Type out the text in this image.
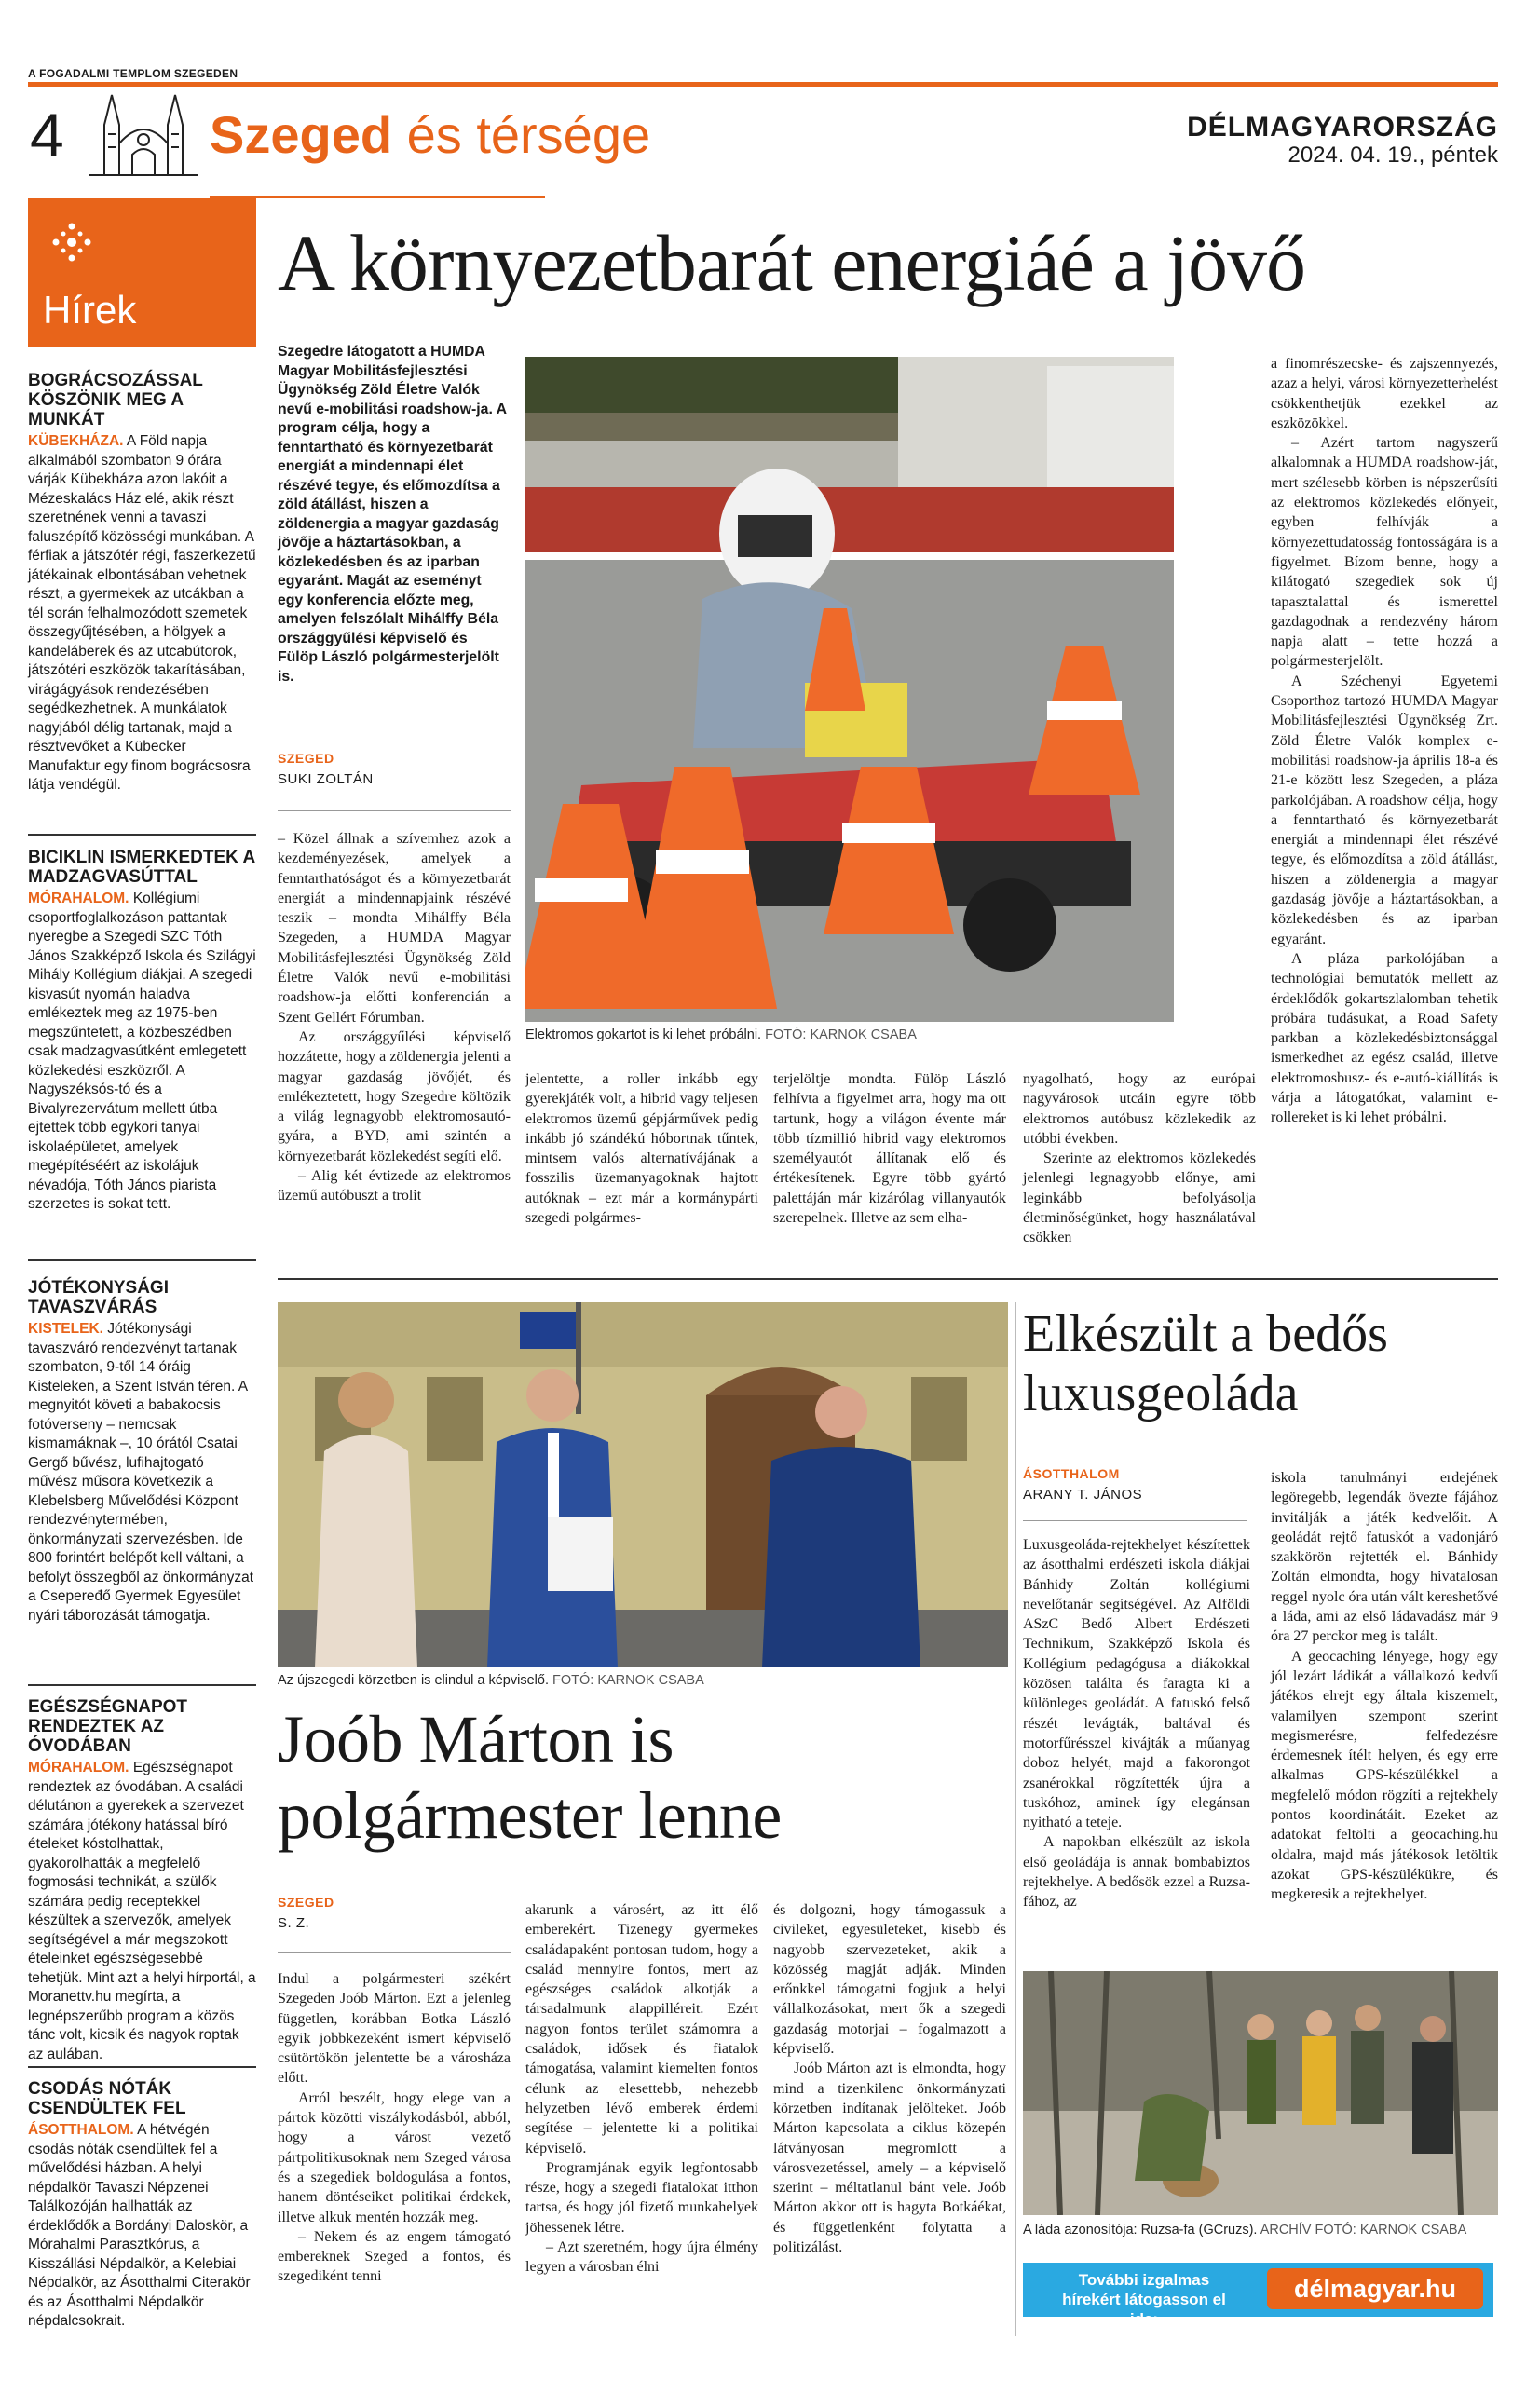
A FOGADALMI TEMPLOM SZEGEDEN
4	Szeged és térsége	DÉLMAGYARORSZÁG
2024. 04. 19., péntek
Hírek
BOGRÁCSOZÁSSAL KÖSZÖNIK MEG A MUNKÁT

KÜBEKHÁZA. A Föld napja alkalmából szombaton 9 órára várják Kübekháza azon lakóit a Mézeskalács Ház elé, akik részt szeretnének venni a tavaszi faluszépítő közösségi munkában. A férfiak a játszótér régi, faszerkezetű játékainak elbontásában vehetnek részt, a gyermekek az utcákban a tél során felhalmozódott szemetek összegyűjtésében, a hölgyek a kandeláberek és az utcabútorok, játszótéri eszközök takarításában, virágágyások rendezésében segédkezhetnek. A munkálatok nagyjából délig tartanak, majd a résztvevőket a Kübecker Manufaktur egy finom bográcsosra látja vendégül.

BICIKLIN ISMERKEDTEK A MADZAGVASÚTTAL

MÓRAHALOM. Kollégiumi csoportfoglalkozáson pattantak nyeregbe a Szegedi SZC Tóth János Szakképző Iskola és Szilágyi Mihály Kollégium diákjai. A szegedi kisvasút nyomán haladva emlékeztek meg az 1975-ben megszűntetett, a közbeszédben csak madzagvasútként emlegetett közlekedési eszközről. A Nagyszéksós-tó és a Bivalyrezervátum mellett útba ejtettek több egykori tanyai iskolaépületet, amelyek megépítéséért az iskolájuk névadója, Tóth János piarista szerzetes is sokat tett.

JÓTÉKONYSÁGI TAVASZVÁRÁS

KISTELEK. Jótékonysági tavaszváró rendezvényt tartanak szombaton, 9-től 14 óráig Kisteleken, a Szent István téren. A megnyitót követi a babakocsis fotóverseny – nemcsak kismamáknak –, 10 órától Csatai Gergő bűvész, lufihajtogató művész műsora következik a Klebelsberg Művelődési Központ rendezvénytermében, önkormányzati szervezésben. Ide 800 forintért belépőt kell váltani, a befolyt összegből az önkormányzat a Csepeređő Gyermek Egyesület nyári táborozását támogatja.

EGÉSZSÉGNAPOT RENDEZTEK AZ ÓVODÁBAN

MÓRAHALOM. Egészségnapot rendeztek az óvodában. A családi délutánon a gyerekek a szervezet számára jótékony hatással bíró ételeket kóstolhattak, gyakorolhatták a megfelelő fogmosási technikát, a szülők számára pedig receptekkel készültek a szervezők, amelyek segítségével a már megszokott ételeinket egészségesebbé tehetjük. Mint azt a helyi hírportál, a Moranettv.hu megírta, a legnépszerűbb program a közös tánc volt, kicsik és nagyok roptak az aulában.

CSODÁS NÓTÁK CSENDÜLTEK FEL

ÁSOTTHALOM. A hétvégén csodás nóták csendültek fel a művelődési házban. A helyi népdalkör Tavaszi Népzenei Találkozóján hallhatták az érdeklődők a Bordányi Daloskör, a Mórahalmi Parasztkórus, a Kisszállási Népdalkör, a Kelebiai Népdalkör, az Ásotthalmi Citerakör és az Ásotthalmi Népdalkör népdalcsokrait.

A környezetbarát energiáé a jövő
Szegedre látogatott a HUMDA Magyar Mobilitásfejlesztési Ügynökség Zöld Életre Valók nevű e-mobilitási roadshow-ja. A program célja, hogy a fenntartható és környezetbarát energiát a mindennapi élet részévé tegye, és előmozdítsa a zöld átállást, hiszen a zöldenergia a magyar gazdaság jövője a háztartásokban, a közlekedésben és az iparban egyaránt. Magát az eseményt egy konferencia előzte meg, amelyen felszólalt Mihálffy Béla országgyűlési képviselő és Fülöp László polgármesterjelölt is.
SZEGED
SUKI ZOLTÁN
Elektromos gokartot is ki lehet próbálni. FOTÓ: KARNOK CSABA

– Közel állnak a szívemhez azok a kezdeményezések, amelyek a fenntarthatóságot és a környezetbarát energiát a mindennapjaink részévé teszik – mondta Mihálffy Béla Szegeden, a HUMDA Magyar Mobilitásfejlesztési Ügynökség Zöld Életre Valók nevű e-mobilitási roadshow-ja előtti konferencián a Szent Gellért Fórumban.

Az országgyűlési képviselő hozzátette, hogy a zöldenergia jelenti a magyar gazdaság jövőjét, és emlékeztetett, hogy Szegedre költözik a világ legnagyobb elektromosautó-gyára, a BYD, ami szintén a környezetbarát közlekedést segíti elő.

– Alig két évtizede az elektromos üzemű autóbuszt a trolit

jelentette, a roller inkább egy gyerekjáték volt, a hibrid vagy teljesen elektromos üzemű gépjárművek pedig inkább jó szándékú hóbortnak tűntek, mintsem valós alternatívájának a fosszilis üzemanyagoknak hajtott autóknak – ezt már a kormánypárti szegedi polgármes-

terjelöltje mondta. Fülöp László felhívta a figyelmet arra, hogy ma ott tartunk, hogy a világon évente már több tízmillió hibrid vagy elektromos személyautót állítanak elő és értékesítenek. Egyre több gyártó palettáján már kizárólag villanyautók szerepelnek. Illetve az sem elha-

nyagolható, hogy az európai nagyvárosok utcáin egyre több elektromos autóbusz közlekedik az utóbbi években.

Szerinte az elektromos közlekedés jelenlegi legnagyobb előnye, ami leginkább befolyásolja életminőségünket, hogy használatával csökken

a finomrészecske- és zajszennyezés, azaz a helyi, városi környezetterhelést csökkenthetjük ezekkel az eszközökkel.

– Azért tartom nagyszerű alkalomnak a HUMDA roadshow-ját, mert szélesebb körben is népszerűsíti az elektromos közlekedés előnyeit, egyben felhívják a környezettudatosság fontosságára is a figyelmet. Bízom benne, hogy a kilátogató szegediek sok új tapasztalattal és ismerettel gazdagodnak a rendezvény három napja alatt – tette hozzá a polgármesterjelölt.

A Széchenyi Egyetemi Csoporthoz tartozó HUMDA Magyar Mobilitásfejlesztési Ügynökség Zrt. Zöld Életre Valók komplex e-mobilitási roadshow-ja április 18-a és 21-e között lesz Szegeden, a pláza parkolójában. A roadshow célja, hogy a fenntartható és környezetbarát energiát a mindennapi élet részévé tegye, és előmozdítsa a zöld átállást, hiszen a zöldenergia a magyar gazdaság jövője a háztartásokban, a közlekedésben és az iparban egyaránt.

A pláza parkolójában a technológiai bemutatók mellett az érdeklődők gokartszlalomban tehetik próbára tudásukat, a Road Safety parkban a közlekedésbiztonsággal ismerkedhet az egész család, illetve elektromosbusz- és e-autó-kiállítás is várja a látogatókat, valamint e-rollereket is ki lehet próbálni.

Az újszegedi körzetben is elindul a képviselő. FOTÓ: KARNOK CSABA
Joób Márton is polgármester lenne
SZEGED
S. Z.

Indul a polgármesteri székért Szegeden Joób Márton. Ezt a jelenleg független, korábban Botka László egyik jobbkezeként ismert képviselő csütörtökön jelentette be a városháza előtt.

Arról beszélt, hogy elege van a pártok közötti viszálykodásból, abból, hogy a várost vezető pártpolitikusoknak nem Szeged városa és a szegediek boldogulása a fontos, hanem döntéseiket politikai érdekek, illetve alkuk mentén hozzák meg.

– Nekem és az engem támogató embereknek Szeged a fontos, és szegediként tenni

akarunk a városért, az itt élő emberekért. Tizenegy gyermekes családapaként pontosan tudom, hogy a család mennyire fontos, mert az egészséges családok alkotják a társadalmunk alappilléreit. Ezért nagyon fontos terület számomra a családok, idősek és fiatalok támogatása, valamint kiemelten fontos célunk az elesettebb, nehezebb helyzetben lévő emberek érdemi segítése – jelentette ki a politikai képviselő.

Programjának egyik legfontosabb része, hogy a szegedi fiatalokat itthon tartsa, és hogy jól fizető munkahelyek jöhessenek létre.

– Azt szeretném, hogy újra élmény legyen a városban élni

és dolgozni, hogy támogassuk a civileket, egyesületeket, kisebb és nagyobb szervezeteket, akik a közösség magját adják. Minden erőnkkel támogatni fogjuk a helyi vállalkozásokat, mert ők a szegedi gazdaság motorjai – fogalmazott a képviselő.

Joób Márton azt is elmondta, hogy mind a tizenkilenc önkormányzati körzetben indítanak jelölteket. Joób Márton kapcsolata a ciklus közepén látványosan megromlott a városvezetéssel, amely – a képviselő szerint – méltatlanul bánt vele. Joób Márton akkor ott is hagyta Botkáékat, és függetlenként folytatta a politizálást.

Elkészült a bedős luxusgeoláda
ÁSOTTHALOM
ARANY T. JÁNOS

Luxusgeoláda-rejtekhelyet készítettek az ásotthalmi erdészeti iskola diákjai Bánhidy Zoltán kollégiumi nevelőtanár segítségével. Az Alföldi ASzC Bedő Albert Erdészeti Technikum, Szakképző Iskola és Kollégium pedagógusa a diákokkal közösen találta és faragta ki a különleges geoládát. A fatuskó felső részét levágták, baltával és motorfűrésszel kivájták a műanyag doboz helyét, majd a fakorongot zsanérokkal rögzítették újra a tuskóhoz, aminek így elegánsan nyitható a teteje.

A napokban elkészült az iskola első geoládája is annak bombabiztos rejtekhelye. A bedősök ezzel a Ruzsa-fához, az

iskola tanulmányi erdejének legöregebb, legendák övezte fájához invitálják a játék kedvelőit. A geoládát rejtő fatuskót a vadonjáró szakkörön rejtették el. Bánhidy Zoltán elmondta, hogy hivatalosan reggel nyolc óra után vált kereshetővé a láda, ami az első ládavadász már 9 óra 27 perckor meg is talált.

A geocaching lényege, hogy egy jól lezárt ládikát a vállalkozó kedvű játékos elrejt egy általa kiszemelt, valamilyen szempont szerint megismerésre, felfedezésre érdemesnek ítélt helyen, és egy erre alkalmas GPS-készülékkel a megfelelő módon rögzíti a rejtekhely pontos koordinátáit. Ezeket az adatokat feltölti a geocaching.hu oldalra, majd más játékosok letöltik azokat GPS-készülékükre, és megkeresik a rejtekhelyet.

A láda azonosítója: Ruzsa-fa (GCruzs). ARCHÍV FOTÓ: KARNOK CSABA
További izgalmas hírekért látogasson el ide:
délmagyar.hu
